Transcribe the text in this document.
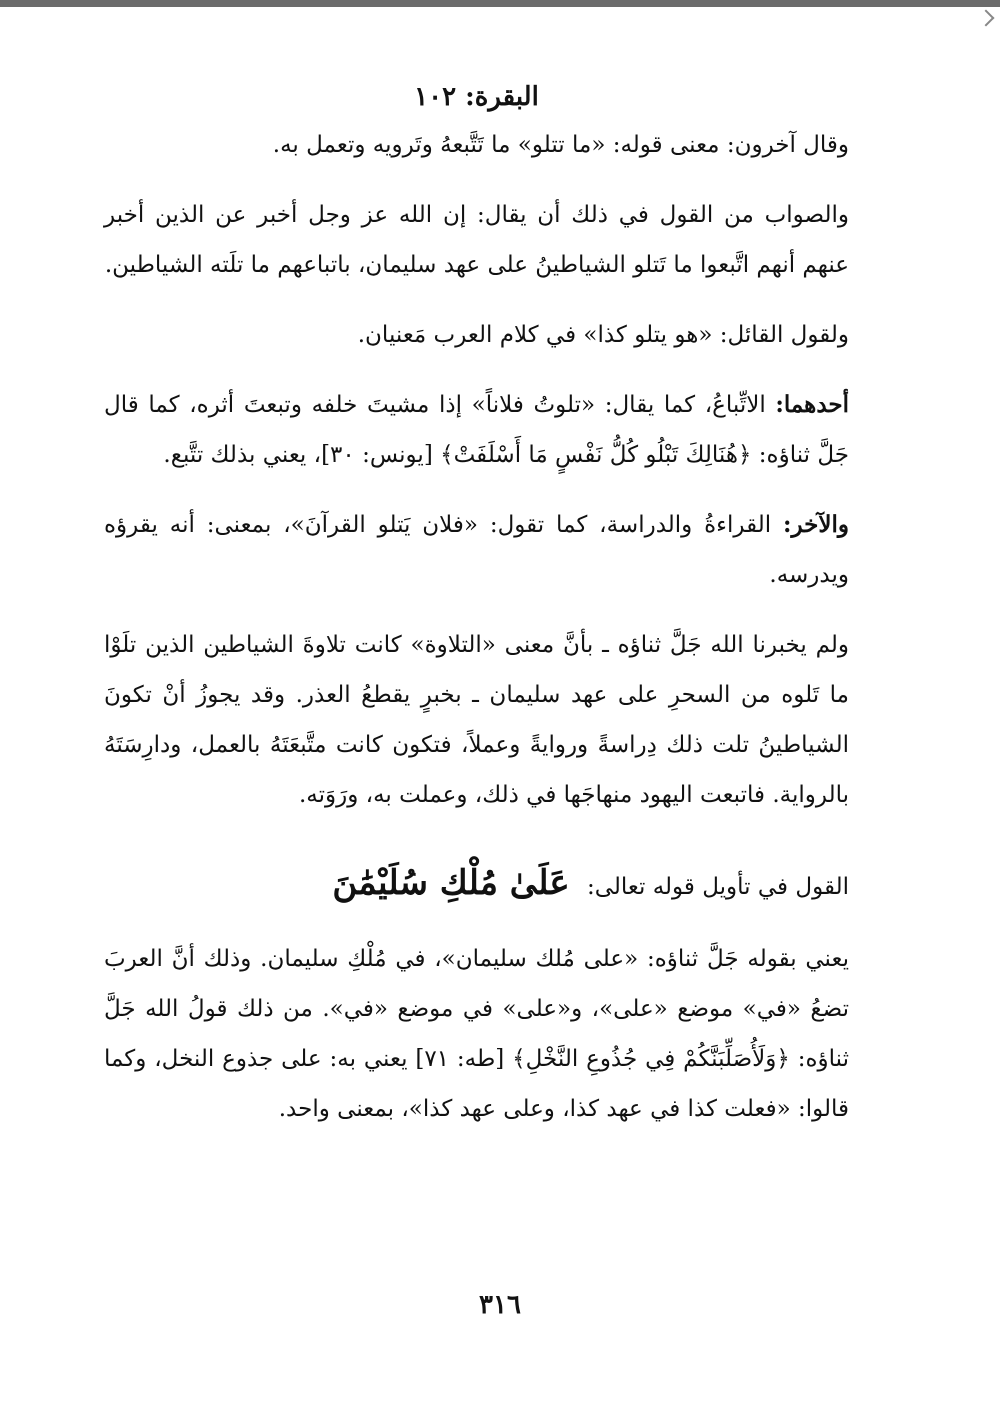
البقرة: ١٠٢

وقال آخرون: معنى قوله: «ما تتلو» ما تَتَّبعهُ وتَرويه وتعمل به.

والصواب من القول في ذلك أن يقال: إن الله عز وجل أخبر عن الذين أخبر عنهم أنهم اتَّبعوا ما تَتلو الشياطينُ على عهد سليمان، باتباعهم ما تلَته الشياطين.

ولقول القائل: «هو يتلو كذا» في كلام العرب مَعنيان.

أحدهما: الاتِّباعُ، كما يقال: «تلوتُ فلاناً» إذا مشيتَ خلفه وتبعتَ أثره، كما قال جَلَّ ثناؤه: ﴿هُنَالِكَ تَبْلُو كُلُّ نَفْسٍ مَا أَسْلَفَتْ﴾ [يونس: ٣٠]، يعني بذلك تتَّبع.

والآخر: القراءةُ والدراسة، كما تقول: «فلان يَتلو القرآنَ»، بمعنى: أنه يقرؤه ويدرسه.

ولم يخبرنا الله جَلَّ ثناؤه ـ بأنَّ معنى «التلاوة» كانت تلاوةَ الشياطين الذين تلَوْا ما تَلوه من السحرِ على عهد سليمان ـ بخبرٍ يقطعُ العذر. وقد يجوزُ أنْ تكونَ الشياطينُ تلت ذلك دِراسةً وروايةً وعملاً، فتكون كانت متَّبعَتَهُ بالعمل، ودارِسَتَهُ بالرواية. فاتبعت اليهود منهاجَها في ذلك، وعملت به، ورَوَته.

القول في تأويل قوله تعالى: عَلَىٰ مُلْكِ سُلَيْمَٰنَ

يعني بقوله جَلَّ ثناؤه: «على مُلك سليمان»، في مُلْكِ سليمان. وذلك أنَّ العربَ تضعُ «في» موضع «على»، و«على» في موضع «في». من ذلك قولُ الله جَلَّ ثناؤه: ﴿وَلَأُصَلِّبَنَّكُمْ فِي جُذُوعِ النَّخْلِ﴾ [طه: ٧١] يعني به: على جذوع النخل، وكما قالوا: «فعلت كذا في عهد كذا، وعلى عهد كذا»، بمعنى واحد.

٣١٦
